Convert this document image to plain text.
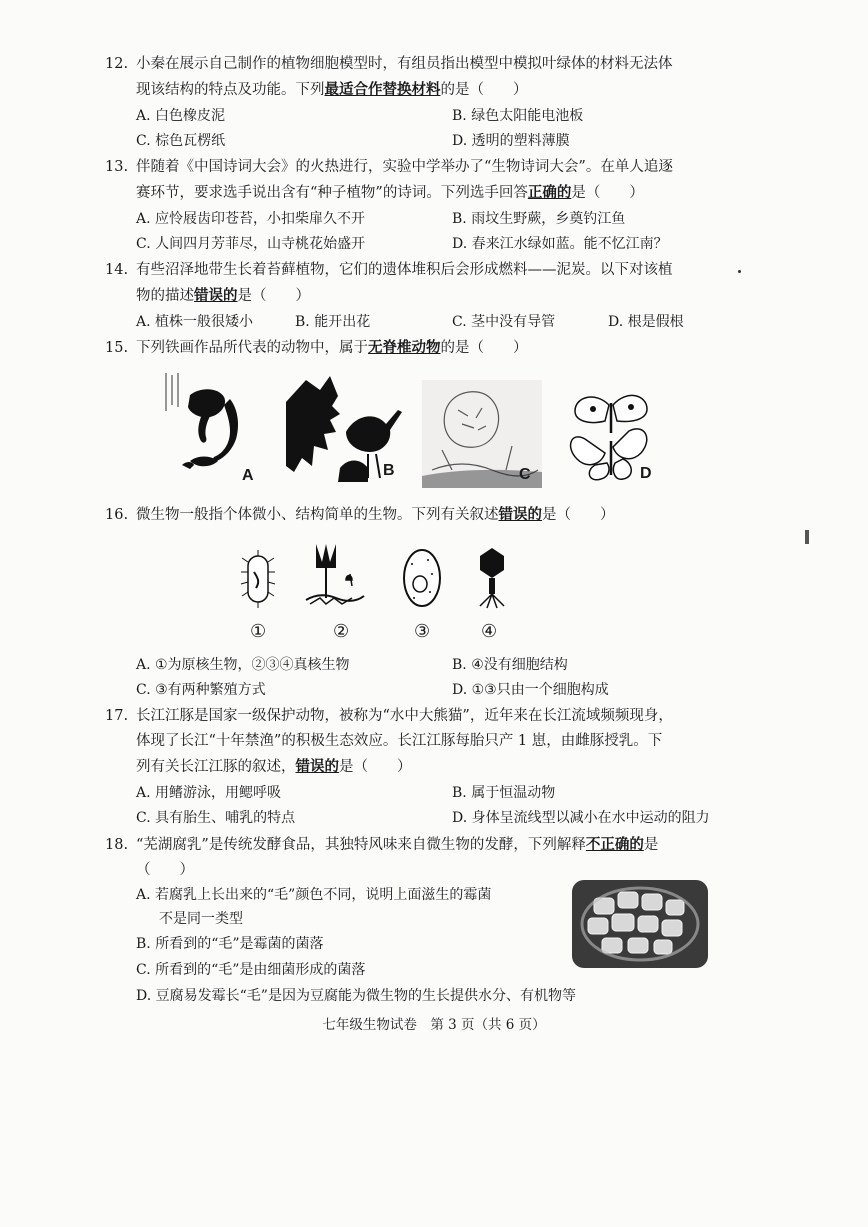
12. 小秦在展示自己制作的植物细胞模型时，有组员指出模型中模拟叶绿体的材料无法体
现该结构的特点及功能。下列最适合作替换材料的是（　　）
A. 白色橡皮泥	B. 绿色太阳能电池板
C. 棕色瓦楞纸	D. 透明的塑料薄膜
13. 伴随着《中国诗词大会》的火热进行，实验中学举办了“生物诗词大会”。在单人追逐
赛环节，要求选手说出含有“种子植物”的诗词。下列选手回答正确的是（　　）
A. 应怜屐齿印苍苔，小扣柴扉久不开	B. 雨坟生野蕨，乡奠钓江鱼
C. 人间四月芳菲尽，山寺桃花始盛开	D. 春来江水绿如蓝。能不忆江南？
14. 有些沼泽地带生长着苔藓植物，它们的遗体堆积后会形成燃料——泥炭。以下对该植
物的描述错误的是（　　）
A. 植株一般很矮小	B. 能开出花	C. 茎中没有导管	D. 根是假根
15. 下列铁画作品所代表的动物中，属于无脊椎动物的是（　　）
A	B	C	D
16. 微生物一般指个体微小、结构简单的生物。下列有关叙述错误的是（　　）
①	②	③	④
A. ①为原核生物，②③④真核生物	B. ④没有细胞结构
C. ③有两种繁殖方式	D. ①③只由一个细胞构成
17. 长江江豚是国家一级保护动物，被称为“水中大熊猫”，近年来在长江流域频频现身，
体现了长江“十年禁渔”的积极生态效应。长江江豚每胎只产 1 崽，由雌豚授乳。下
列有关长江江豚的叙述，错误的是（　　）
A. 用鳍游泳，用鳃呼吸	B. 属于恒温动物
C. 具有胎生、哺乳的特点	D. 身体呈流线型以减小在水中运动的阻力
18. “芜湖腐乳”是传统发酵食品，其独特风味来自微生物的发酵，下列解释不正确的是
（　　）
A. 若腐乳上长出来的“毛”颜色不同，说明上面滋生的霉菌
不是同一类型
B. 所看到的“毛”是霉菌的菌落
C. 所看到的“毛”是由细菌形成的菌落
D. 豆腐易发霉长“毛”是因为豆腐能为微生物的生长提供水分、有机物等
七年级生物试卷　第 3 页（共 6 页）
